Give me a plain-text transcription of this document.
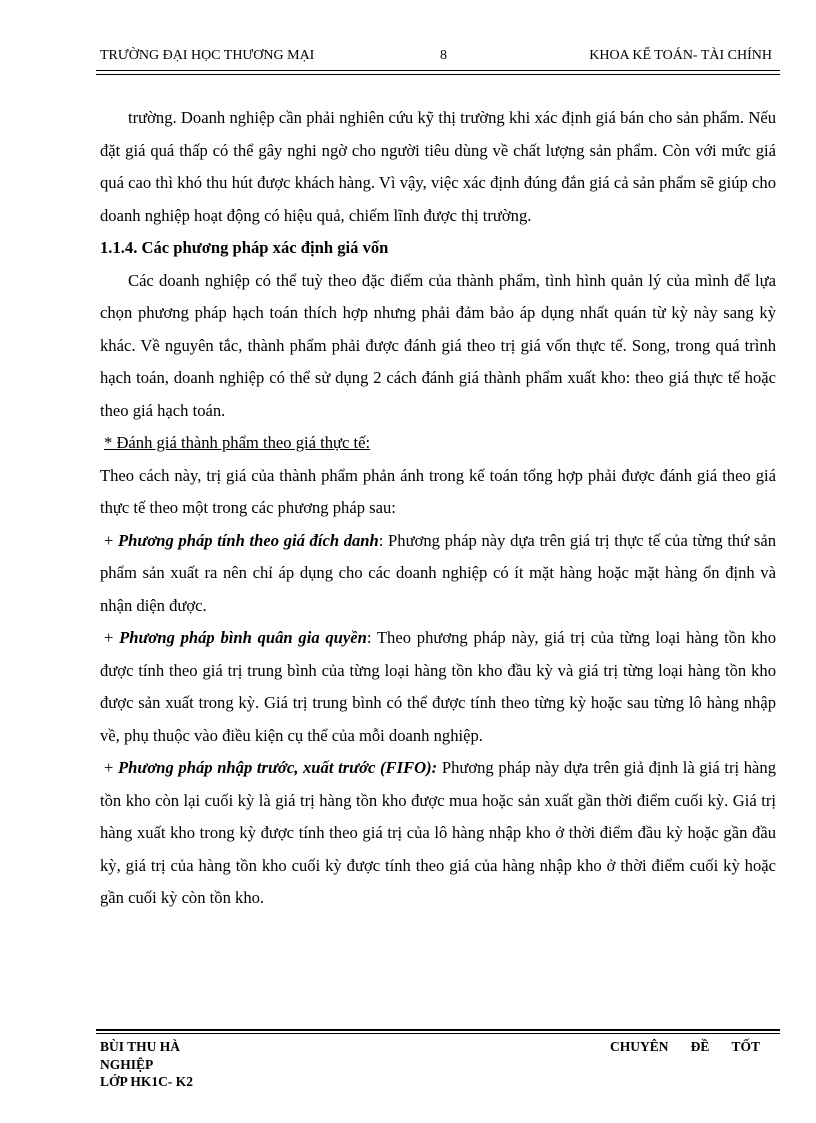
TRƯỜNG ĐẠI HỌC THƯƠNG MẠI	8	KHOA KẾ TOÁN- TÀI CHÍNH

trường. Doanh nghiệp cần phải nghiên cứu kỹ thị trường khi xác định giá bán cho sản phẩm. Nếu đặt giá quá thấp có thể gây nghi ngờ cho người tiêu dùng về chất lượng sản phẩm. Còn với mức giá quá cao thì khó thu hút được khách hàng. Vì vậy, việc xác định đúng đắn giá cả sản phẩm sẽ giúp cho doanh nghiệp hoạt động có hiệu quả, chiếm lĩnh được thị trường.

1.1.4. Các phương pháp xác định giá vốn

Các doanh nghiệp có thể tuỳ theo đặc điểm của thành phẩm, tình hình quản lý của mình để lựa chọn phương pháp hạch toán thích hợp nhưng phải đảm bảo áp dụng nhất quán từ kỳ này sang kỳ khác. Về nguyên tắc, thành phẩm phải được đánh giá theo trị giá vốn thực tế. Song, trong quá trình hạch toán, doanh nghiệp có thể sử dụng 2 cách đánh giá thành phẩm xuất kho: theo giá thực tế hoặc theo giá hạch toán.

* Đánh giá thành phẩm theo giá thực tế:

Theo cách này, trị giá của thành phẩm phản ánh trong kế toán tổng hợp phải được đánh giá theo giá thực tế theo một trong các phương pháp sau:

+ Phương pháp tính theo giá đích danh: Phương pháp này dựa trên giá trị thực tế của từng thứ sản phẩm sản xuất ra nên chỉ áp dụng cho các doanh nghiệp có ít mặt hàng hoặc mặt hàng ổn định và nhận diện được.

+ Phương pháp bình quân gia quyền: Theo phương pháp này, giá trị của từng loại hàng tồn kho được tính theo giá trị trung bình của từng loại hàng tồn kho đầu kỳ và giá trị từng loại hàng tồn kho được sản xuất trong kỳ. Giá trị trung bình có thể được tính theo từng kỳ hoặc sau từng lô hàng nhập về, phụ thuộc vào điều kiện cụ thể của mỗi doanh nghiệp.

+ Phương pháp nhập trước, xuất trước (FIFO): Phương pháp này dựa trên giả định là giá trị hàng tồn kho còn lại cuối kỳ là giá trị hàng tồn kho được mua hoặc sản xuất gần thời điểm cuối kỳ. Giá trị hàng xuất kho trong kỳ được tính theo giá trị của lô hàng nhập kho ở thời điểm đầu kỳ hoặc gần đầu kỳ, giá trị của hàng tồn kho cuối kỳ được tính theo giá của hàng nhập kho ở thời điểm cuối kỳ hoặc gần cuối kỳ còn tồn kho.

BÙI THU HÀ
NGHIỆP
LỚP HK1C- K2
CHUYÊN ĐỀ TỐT
